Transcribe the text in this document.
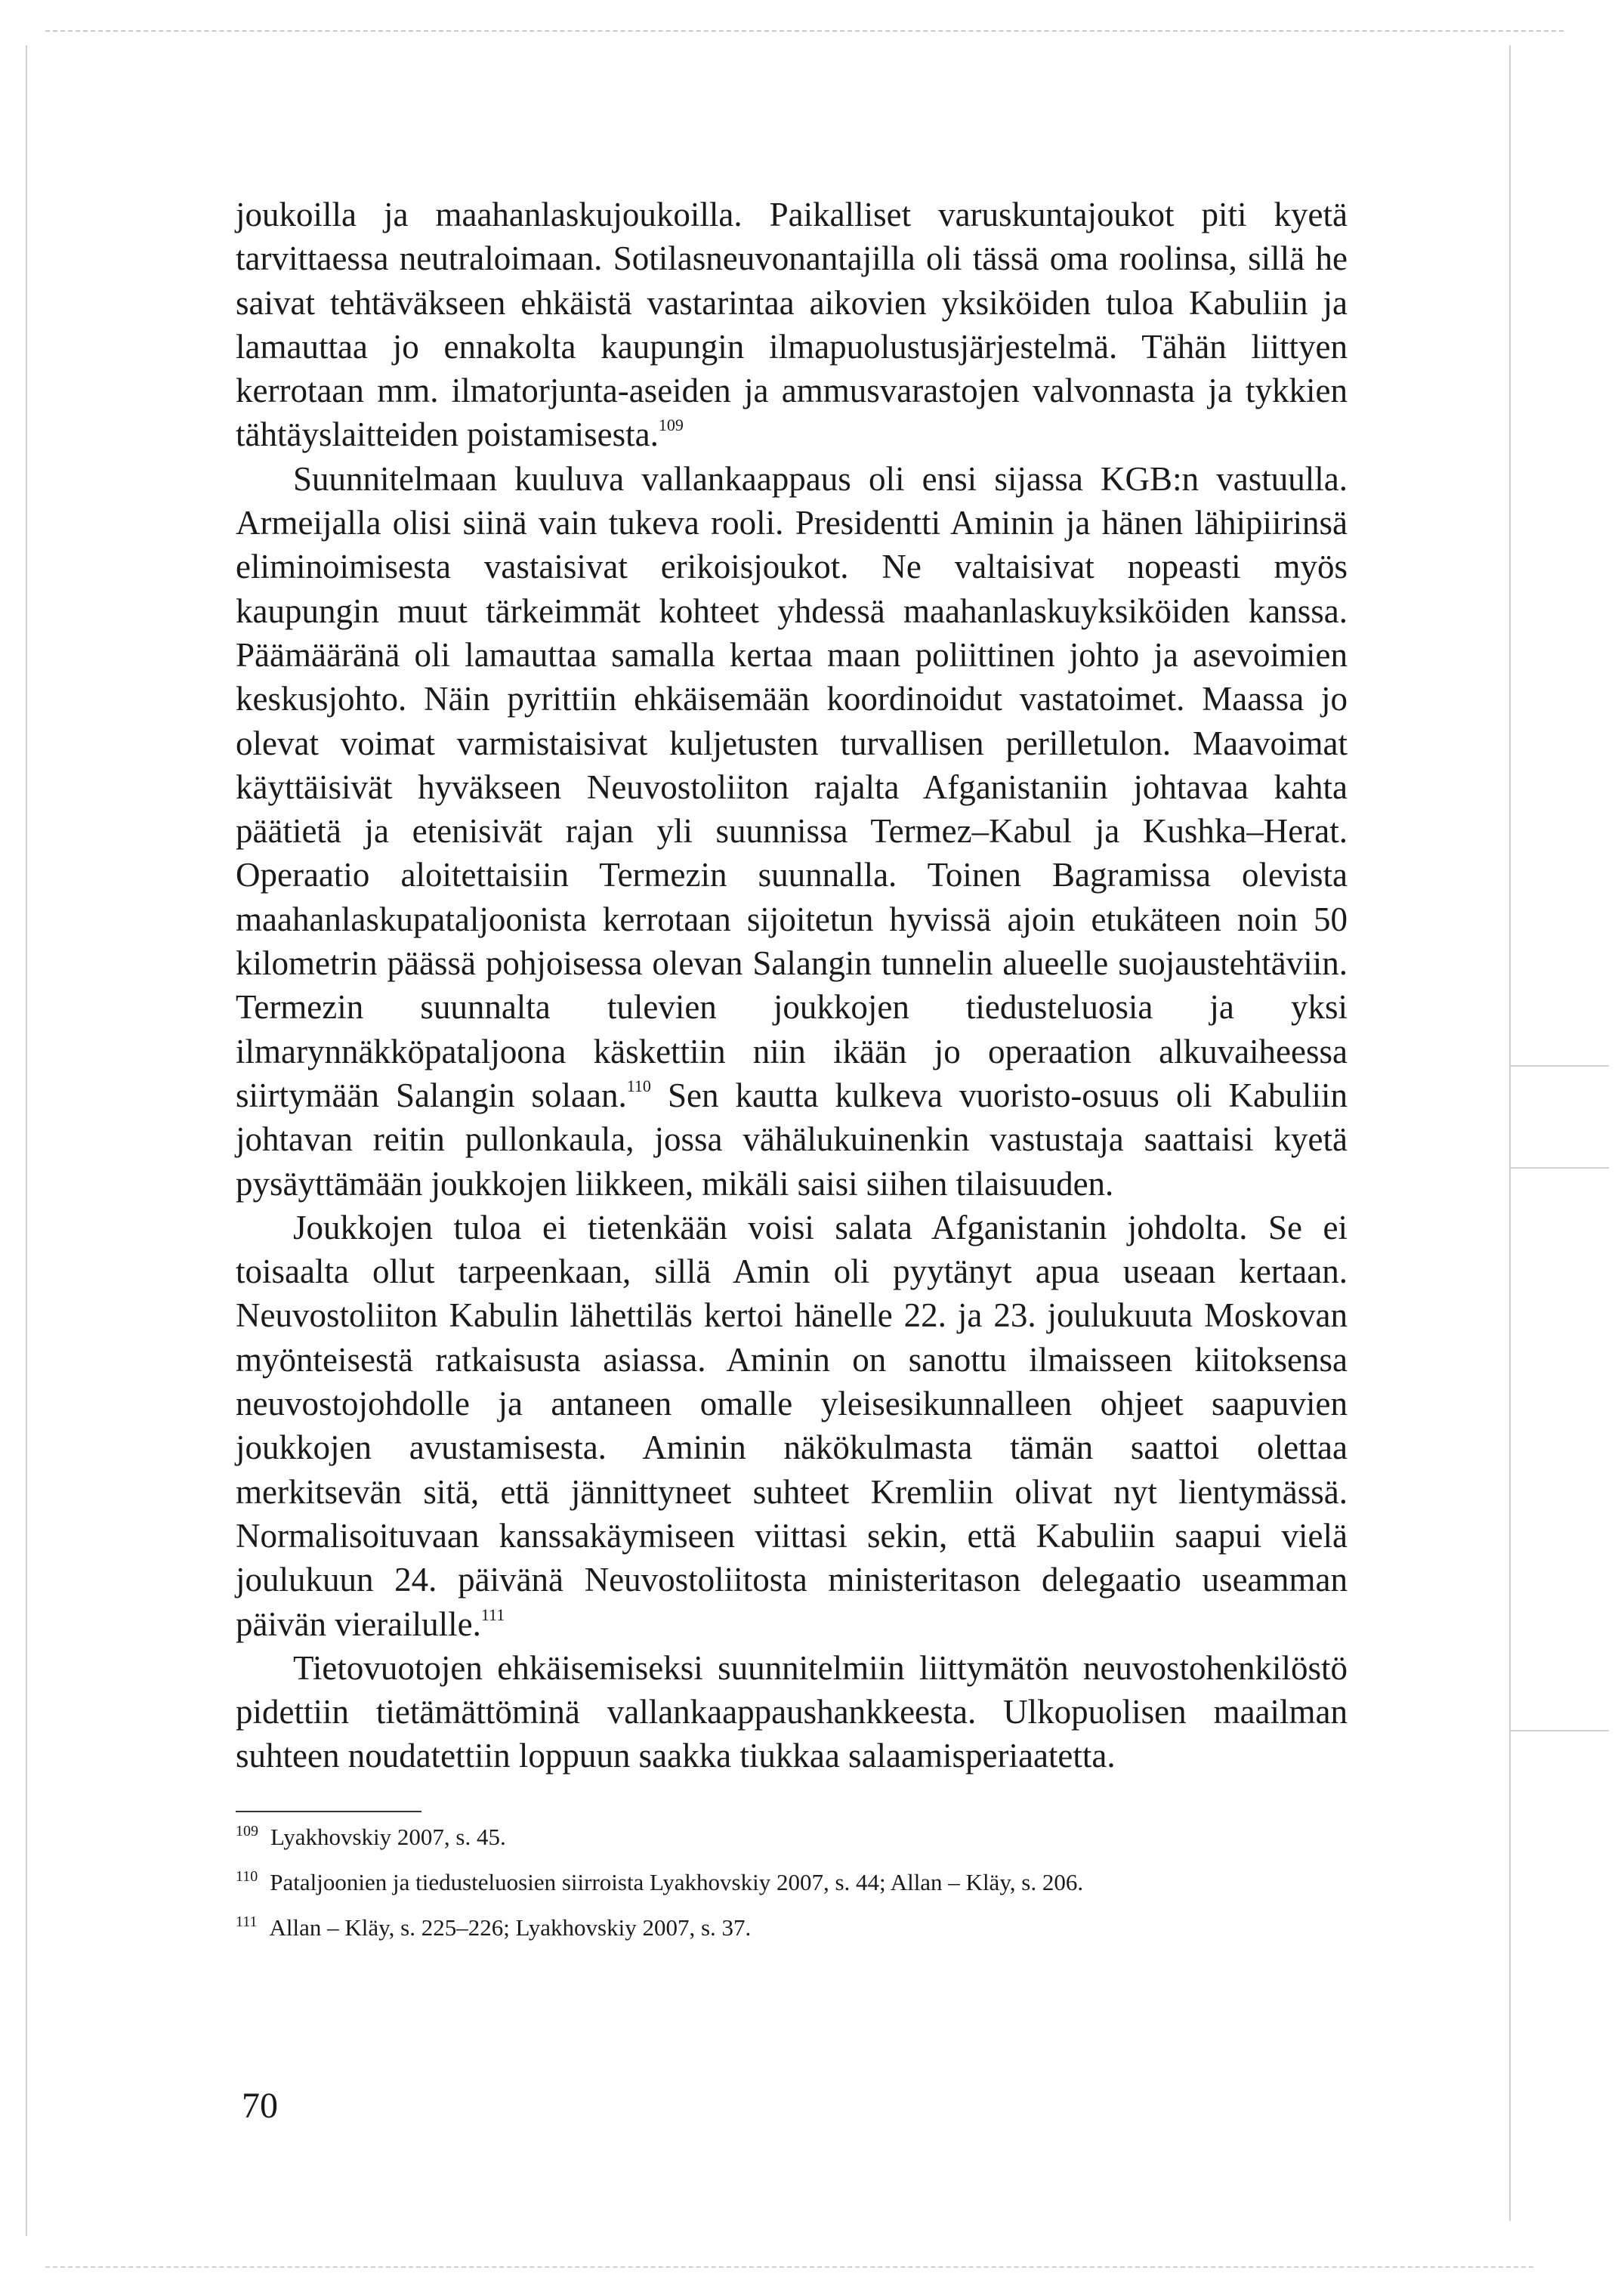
joukoilla ja maahanlaskujoukoilla. Paikalliset varuskuntajoukot piti kyetä tarvittaessa neutraloimaan. Sotilasneuvonantajilla oli tässä oma roolinsa, sillä he saivat tehtäväkseen ehkäistä vastarintaa aikovien yksiköiden tuloa Kabuliin ja lamauttaa jo ennakolta kaupungin ilmapuolustusjärjestelmä. Tähän liittyen kerrotaan mm. ilmatorjunta-aseiden ja ammusvarastojen valvonnasta ja tykkien tähtäyslaitteiden poistamisesta.$^{109}$

Suunnitelmaan kuuluva vallankaappaus oli ensi sijassa KGB:n vastuulla. Armeijalla olisi siinä vain tukeva rooli. Presidentti Aminin ja hänen lähipiirinsä eliminoimisesta vastaisivat erikoisjoukot. Ne valtaisivat nopeasti myös kaupungin muut tärkeimmät kohteet yhdessä maahanlaskuyksiköiden kanssa. Päämääränä oli lamauttaa samalla kertaa maan poliittinen johto ja asevoimien keskusjohto. Näin pyrittiin ehkäisemään koordinoidut vastatoimet. Maassa jo olevat voimat varmistaisivat kuljetusten turvallisen perilletulon. Maavoimat käyttäisivät hyväkseen Neuvostoliiton rajalta Afganistaniin johtavaa kahta päätietä ja etenisivät rajan yli suunnissa Termez–Kabul ja Kushka–Herat. Operaatio aloitettaisiin Termezin suunnalla. Toinen Bagramissa olevista maahanlaskupataljoonista kerrotaan sijoitetun hyvissä ajoin etukäteen noin 50 kilometrin päässä pohjoisessa olevan Salangin tunnelin alueelle suojaustehtäviin. Termezin suunnalta tulevien joukkojen tiedusteluosia ja yksi ilmarynnäkköpataljoona käskettiin niin ikään jo operaation alkuvaiheessa siirtymään Salangin solaan.$^{110}$ Sen kautta kulkeva vuoristo-osuus oli Kabuliin johtavan reitin pullonkaula, jossa vähälukuinenkin vastustaja saattaisi kyetä pysäyttämään joukkojen liikkeen, mikäli saisi siihen tilaisuuden.

Joukkojen tuloa ei tietenkään voisi salata Afganistanin johdolta. Se ei toisaalta ollut tarpeenkaan, sillä Amin oli pyytänyt apua useaan kertaan. Neuvostoliiton Kabulin lähettiläs kertoi hänelle 22. ja 23. joulukuuta Moskovan myönteisestä ratkaisusta asiassa. Aminin on sanottu ilmaisseen kiitoksensa neuvostojohdolle ja antaneen omalle yleisesikunnalleen ohjeet saapuvien joukkojen avustamisesta. Aminin näkökulmasta tämän saattoi olettaa merkitsevän sitä, että jännittyneet suhteet Kremliin olivat nyt lientymässä. Normalisoituvaan kanssakäymiseen viittasi sekin, että Kabuliin saapui vielä joulukuun 24. päivänä Neuvostoliitosta ministeritason delegaatio useamman päivän vierailulle.$^{111}$

Tietovuotojen ehkäisemiseksi suunnitelmiin liittymätön neuvostohenkilöstö pidettiin tietämättöminä vallankaappaushankkeesta. Ulkopuolisen maailman suhteen noudatettiin loppuun saakka tiukkaa salaamisperiaatetta.

$^{109}$ Lyakhovskiy 2007, s. 45.

$^{110}$ Pataljoonien ja tiedusteluosien siirroista Lyakhovskiy 2007, s. 44; Allan – Kläy, s. 206.

$^{111}$ Allan – Kläy, s. 225–226; Lyakhovskiy 2007, s. 37.

70
